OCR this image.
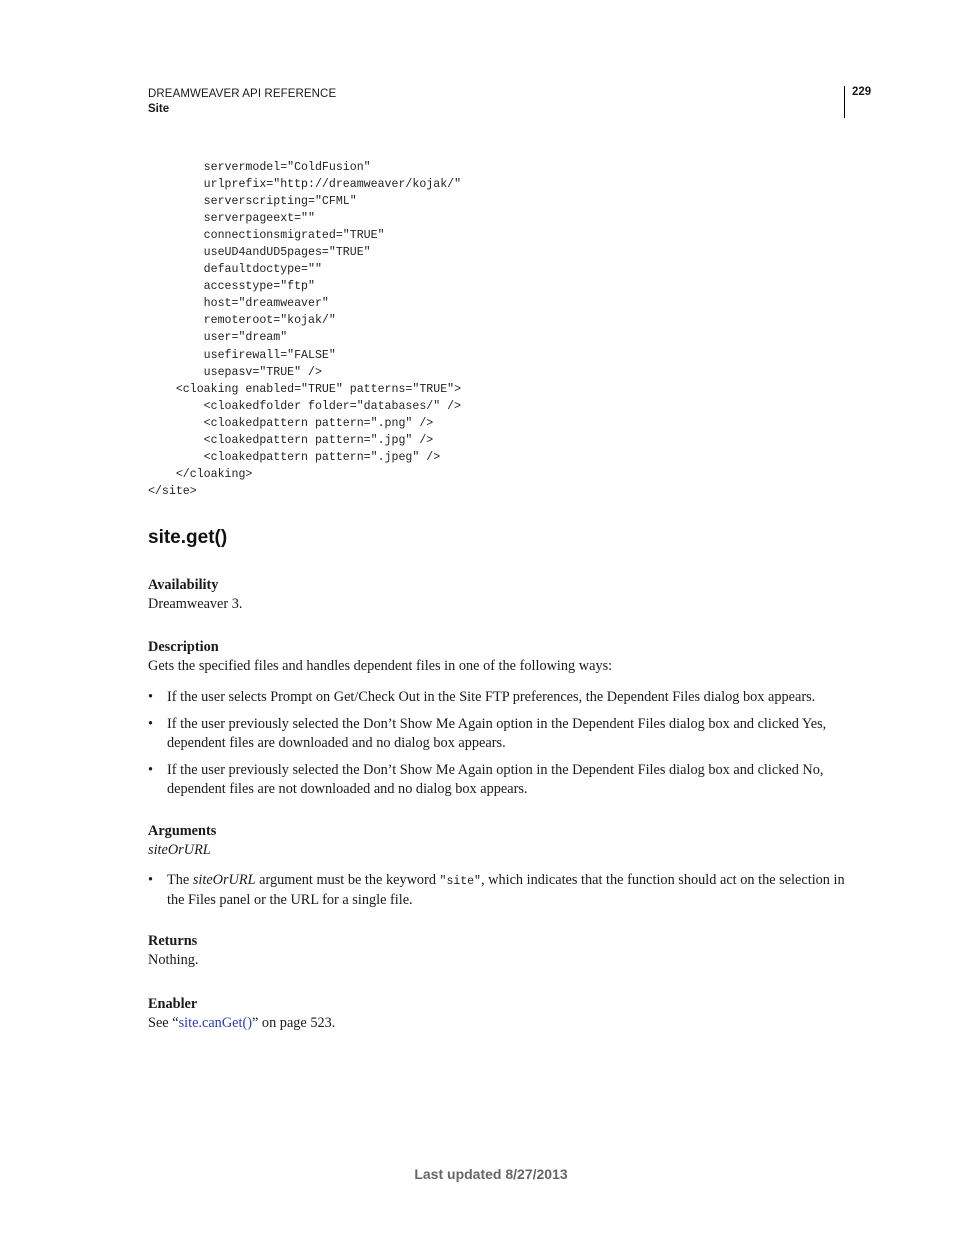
DREAMWEAVER API REFERENCE
Site
229
servermodel="ColdFusion"
urlprefix="http://dreamweaver/kojak/"
serverscripting="CFML"
serverpageext=""
connectionsmigrated="TRUE"
useUD4andUD5pages="TRUE"
defaultdoctype=""
accesstype="ftp"
host="dreamweaver"
remoteroot="kojak/"
user="dream"
usefirewall="FALSE"
usepasv="TRUE" />
<cloaking enabled="TRUE" patterns="TRUE">
<cloakedfolder folder="databases/" />
<cloakedpattern pattern=".png" />
<cloakedpattern pattern=".jpg" />
<cloakedpattern pattern=".jpeg" />
</cloaking>
</site>
site.get()
Availability
Dreamweaver 3.
Description
Gets the specified files and handles dependent files in one of the following ways:
• If the user selects Prompt on Get/Check Out in the Site FTP preferences, the Dependent Files dialog box appears.
• If the user previously selected the Don’t Show Me Again option in the Dependent Files dialog box and clicked Yes, dependent files are downloaded and no dialog box appears.
• If the user previously selected the Don’t Show Me Again option in the Dependent Files dialog box and clicked No, dependent files are not downloaded and no dialog box appears.
Arguments
siteOrURL
• The siteOrURL argument must be the keyword "site", which indicates that the function should act on the selection in the Files panel or the URL for a single file.
Returns
Nothing.
Enabler
See “site.canGet()” on page 523.
Last updated 8/27/2013
